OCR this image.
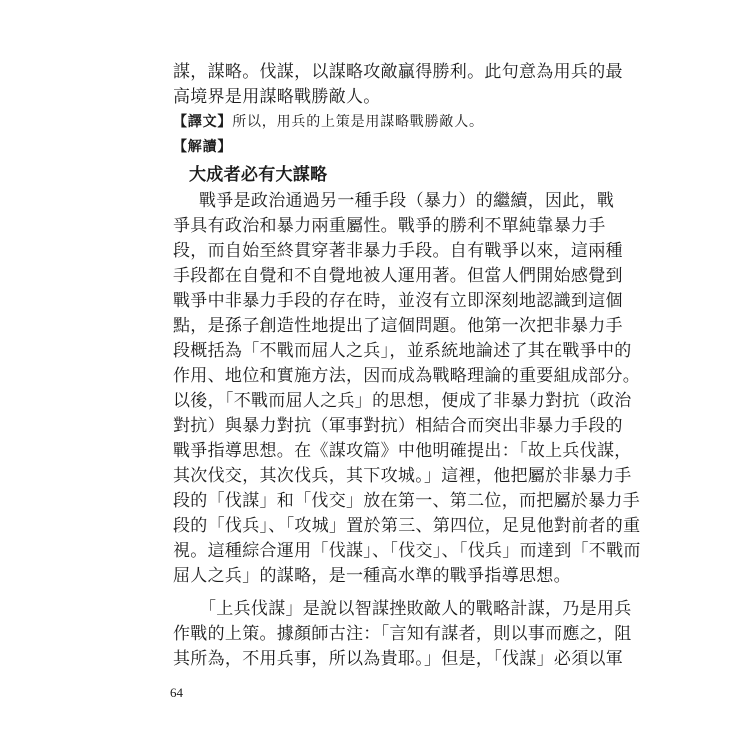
謀，謀略。伐謀，以謀略攻敵贏得勝利。此句意為用兵的最
高境界是用謀略戰勝敵人。
【譯文】所以，用兵的上策是用謀略戰勝敵人。
【解讀】
大成者必有大謀略
戰爭是政治通過另一種手段（暴力）的繼續，因此，戰
爭具有政治和暴力兩重屬性。戰爭的勝利不單純靠暴力手
段，而自始至終貫穿著非暴力手段。自有戰爭以來，這兩種
手段都在自覺和不自覺地被人運用著。但當人們開始感覺到
戰爭中非暴力手段的存在時，並沒有立即深刻地認識到這個
點，是孫子創造性地提出了這個問題。他第一次把非暴力手
段概括為「不戰而屈人之兵」，並系統地論述了其在戰爭中的
作用、地位和實施方法，因而成為戰略理論的重要組成部分。
以後，「不戰而屈人之兵」的思想，便成了非暴力對抗（政治
對抗）與暴力對抗（軍事對抗）相結合而突出非暴力手段的
戰爭指導思想。在《謀攻篇》中他明確提出：「故上兵伐謀，
其次伐交，其次伐兵，其下攻城。」這裡，他把屬於非暴力手
段的「伐謀」和「伐交」放在第一、第二位，而把屬於暴力手
段的「伐兵」、「攻城」置於第三、第四位，足見他對前者的重
視。這種綜合運用「伐謀」、「伐交」、「伐兵」而達到「不戰而
屈人之兵」的謀略，是一種高水準的戰爭指導思想。
「上兵伐謀」是說以智謀挫敗敵人的戰略計謀，乃是用兵
作戰的上策。據顏師古注：「言知有謀者，則以事而應之，阻
其所為，不用兵事，所以為貴耶。」但是，「伐謀」必須以軍
64
